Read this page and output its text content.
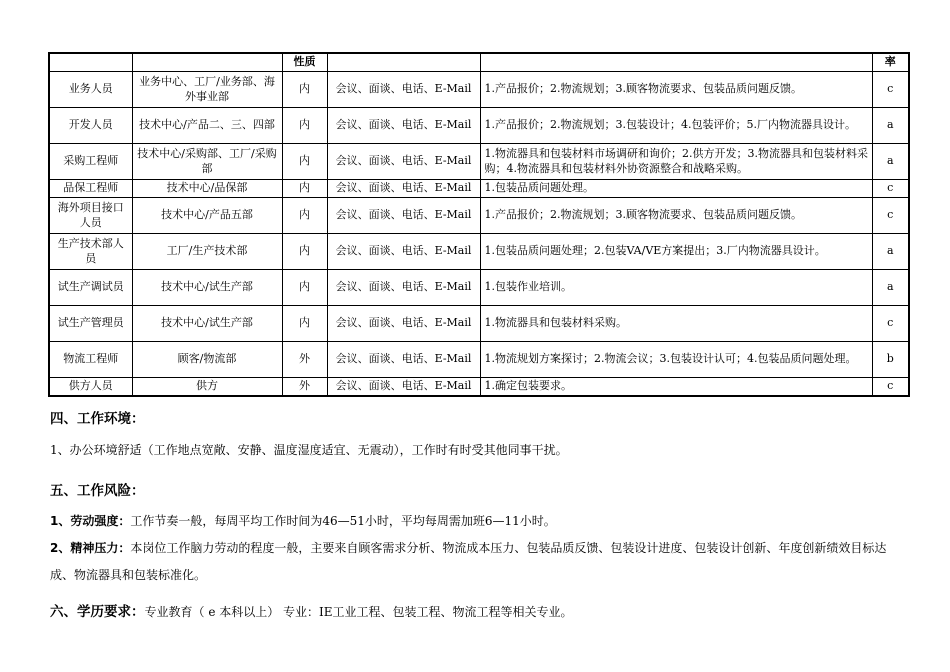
		性质			率
业务人员	业务中心、工厂/业务部、海外事业部	内	会议、面谈、电话、E-Mail	1.产品报价；2.物流规划；3.顾客物流要求、包装品质问题反馈。	c
开发人员	技术中心/产品二、三、四部	内	会议、面谈、电话、E-Mail	1.产品报价；2.物流规划；3.包装设计；4.包装评价；5.厂内物流器具设计。	a
采购工程师	技术中心/采购部、工厂/采购部	内	会议、面谈、电话、E-Mail	1.物流器具和包装材料市场调研和询价；2.供方开发；3.物流器具和包装材料采购；4.物流器具和包装材料外协资源整合和战略采购。	a
品保工程师	技术中心/品保部	内	会议、面谈、电话、E-Mail	1.包装品质问题处理。	c
海外项目接口人员	技术中心/产品五部	内	会议、面谈、电话、E-Mail	1.产品报价；2.物流规划；3.顾客物流要求、包装品质问题反馈。	c
生产技术部人员	工厂/生产技术部	内	会议、面谈、电话、E-Mail	1.包装品质问题处理；2.包装VA/VE方案提出；3.厂内物流器具设计。	a
试生产调试员	技术中心/试生产部	内	会议、面谈、电话、E-Mail	1.包装作业培训。	a
试生产管理员	技术中心/试生产部	内	会议、面谈、电话、E-Mail	1.物流器具和包装材料采购。	c
物流工程师	顾客/物流部	外	会议、面谈、电话、E-Mail	1.物流规划方案探讨；2.物流会议；3.包装设计认可；4.包装品质问题处理。	b
供方人员	供方	外	会议、面谈、电话、E-Mail	1.确定包装要求。	c
四、工作环境：

1、办公环境舒适（工作地点宽敞、安静、温度湿度适宜、无震动），工作时有时受其他同事干扰。

五、工作风险：

1、劳动强度：工作节奏一般，每周平均工作时间为46—51小时，平均每周需加班6—11小时。
2、精神压力：本岗位工作脑力劳动的程度一般，主要来自顾客需求分析、物流成本压力、包装品质反馈、包装设计进度、包装设计创新、年度创新绩效目标达成、物流器具和包装标准化。

六、学历要求：专业教育（ e 本科以上） 专业：IE工业工程、包装工程、物流工程等相关专业。
